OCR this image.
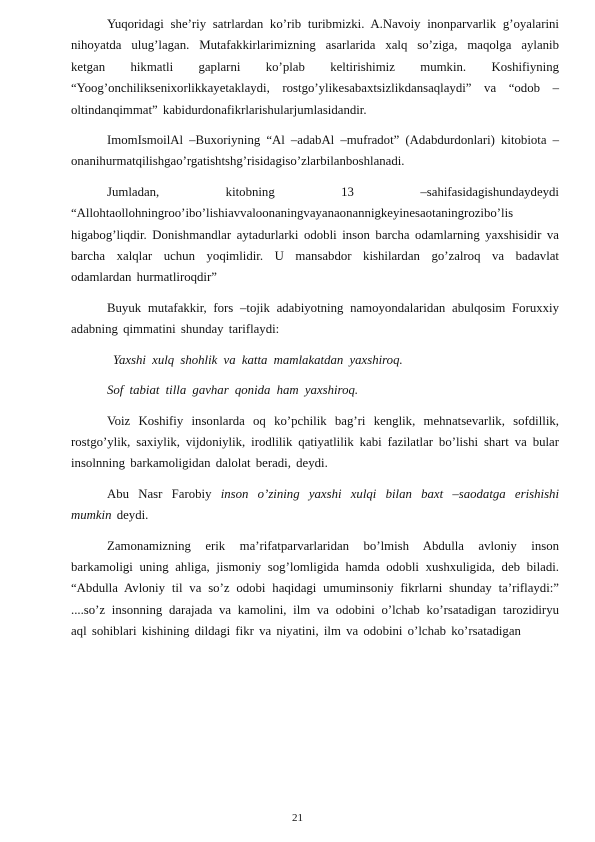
Yuqoridagi she’riy satrlardan ko’rib turibmizki. A.Navoiy inonparvarlik g’oyalarini nihoyatda ulug’lagan. Mutafakkirlarimizning asarlarida xalq so’ziga, maqolga aylanib ketgan hikmatli gaplarni ko’plab keltirishimiz mumkin. Koshifiyning “Yoog’onchiliksenixorlikkayetaklaydi, rostgo’ylikesabaxtsizlikdansaqlaydi” va “odob –oltindanqimmat” kabidurdonafikrlarishularjumlasidandir.

ImomIsmoilAl –Buxoriyning “Al –adabAl –mufradot” (Adabdurdonlari) kitobiota –onanihurmatqilishgao’rgatishtshg’risidagiso’zlarbilanboshlanadi.

Jumladan, kitobning 13 –sahifasidagishundaydeydi “Allohtaollohningroo’ibo’lishiavvaloonaningvayanaonannigkeyinesaotaningrozibo’lis higabog’liqdir. Donishmandlar aytadurlarki odobli inson barcha odamlarning yaxshisidir va barcha xalqlar uchun yoqimlidir. U mansabdor kishilardan go’zalroq va badavlat odamlardan hurmatliroqdir”

Buyuk mutafakkir, fors –tojik adabiyotning namoyondalaridan abulqosim Foruxxiy adabning qimmatini shunday tariflaydi:

Yaxshi xulq shohlik va katta mamlakatdan yaxshiroq.

Sof tabiat tilla gavhar qonida ham yaxshiroq.

Voiz Koshifiy insonlarda oq ko’pchilik bag’ri kenglik, mehnatsevarlik, sofdillik, rostgo’ylik, saxiylik, vijdoniylik, irodlilik qatiyatlilik kabi fazilatlar bo’lishi shart va bular insolnning barkamoligidan dalolat beradi, deydi.

Abu Nasr Farobiy inson o’zining yaxshi xulqi bilan baxt –saodatga erishishi mumkin deydi.

Zamonamizning erik ma’rifatparvarlaridan bo’lmish Abdulla avloniy inson barkamoligi uning ahliga, jismoniy sog’lomligida hamda odobli xushxuligida, deb biladi. “Abdulla Avloniy til va so’z odobi haqidagi umuminsoniy fikrlarni shunday ta’riflaydi:” ....so’z insonning darajada va kamolini, ilm va odobini o’lchab ko’rsatadigan tarozidiryu aql sohiblari kishining dildagi fikr va niyatini, ilm va odobini o’lchab ko’rsatadigan

21
